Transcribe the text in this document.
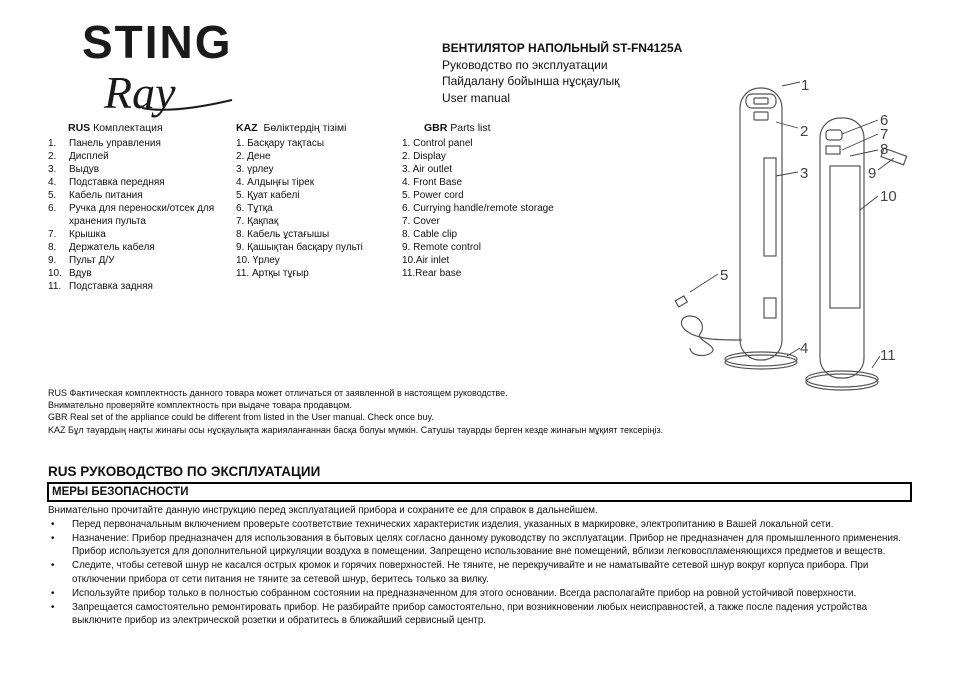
STING
Ray
ВЕНТИЛЯТОР НАПОЛЬНЫЙ ST-FN4125A
Руководство по эксплуатации
Пайдалану бойынша нұсқаулық
User manual
RUS Комплектация
1.	Панель управления
2.	Дисплей
3.	Выдув
4.	Подставка передняя
5.	Кабель питания
6.	Ручка для переноски/отсек для хранения пульта
7.	Крышка
8.	Держатель кабеля
9.	Пульт Д/У
10. Вдув
11. Подставка задняя
KAZ Бөліктердің тізімі
1. Басқару тақтасы
2. Дене
3. үрлеу
4. Алдыңғы тірек
5. Қуат кабелі
6. Тұтқа
7. Қақпақ
8. Кабель ұстағышы
9. Қашықтан басқару пульті
10. Үрлеу
11. Артқы тұғыр
GBR Parts list
1. Control panel
2. Display
3. Air outlet
4. Front Base
5. Power cord
6. Currying handle/remote storage
7. Cover
8. Cable clip
9. Remote control
10.Air inlet
11.Rear base
1
2
3
4
5
6
7
8
9
10
11
RUS Фактическая комплектность данного товара может отличаться от заявленной в настоящем руководстве.
Внимательно проверяйте комплектность при выдаче товара продавцом.
GBR Real set of the appliance could be different from listed in the User manual. Check once buy.
KAZ Бұл тауардың нақты жинағы осы нұсқаулықта жарияланғаннан басқа болуы мүмкін. Сатушы тауарды берген кезде жинағын мұқият тексеріңіз.
RUS РУКОВОДСТВО ПО ЭКСПЛУАТАЦИИ
МЕРЫ БЕЗОПАСНОСТИ
Внимательно прочитайте данную инструкцию перед эксплуатацией прибора и сохраните ее для справок в дальнейшем.
•	Перед первоначальным включением проверьте соответствие технических характеристик изделия, указанных в маркировке, электропитанию в Вашей локальной сети.
•	Назначение: Прибор предназначен для использования в бытовых целях согласно данному руководству по эксплуатации. Прибор не предназначен для промышленного применения. Прибор используется для дополнительной циркуляции воздуха в помещении. Запрещено использование вне помещений, вблизи легковоспламеняющихся предметов и веществ.
•	Следите, чтобы сетевой шнур не касался острых кромок и горячих поверхностей. Не тяните, не перекручивайте и не наматывайте сетевой шнур вокруг корпуса прибора. При отключении прибора от сети питания не тяните за сетевой шнур, беритесь только за вилку.
•	Используйте прибор только в полностью собранном состоянии на предназначенном для этого основании. Всегда располагайте прибор на ровной устойчивой поверхности.
•	Запрещается самостоятельно ремонтировать прибор. Не разбирайте прибор самостоятельно, при возникновении любых неисправностей, а также после падения устройства выключите прибор из электрической розетки и обратитесь в ближайший сервисный центр.
